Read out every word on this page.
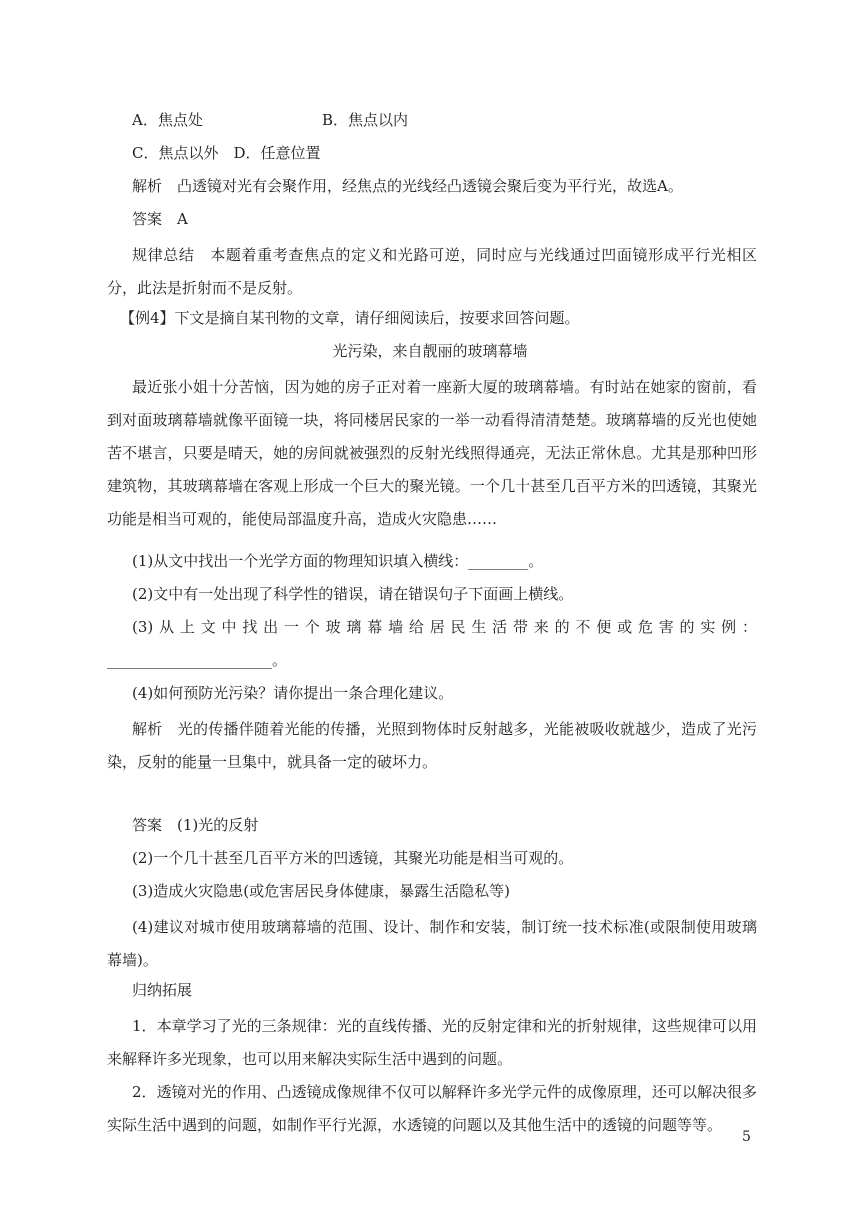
A．焦点处	B．焦点以内
C．焦点以外　D．任意位置
解析　凸透镜对光有会聚作用，经焦点的光线经凸透镜会聚后变为平行光，故选A。
答案　A

规律总结　本题着重考查焦点的定义和光路可逆，同时应与光线通过凹面镜形成平行光相区分，此法是折射而不是反射。

【例4】下文是摘自某刊物的文章，请仔细阅读后，按要求回答问题。
光污染，来自靓丽的玻璃幕墙

最近张小姐十分苦恼，因为她的房子正对着一座新大厦的玻璃幕墙。有时站在她家的窗前，看到对面玻璃幕墙就像平面镜一块，将同楼居民家的一举一动看得清清楚楚。玻璃幕墙的反光也使她苦不堪言，只要是晴天，她的房间就被强烈的反射光线照得通亮，无法正常休息。尤其是那种凹形建筑物，其玻璃幕墙在客观上形成一个巨大的聚光镜。一个几十甚至几百平方米的凹透镜，其聚光功能是相当可观的，能使局部温度升高，造成火灾隐患……

(1)从文中找出一个光学方面的物理知识填入横线：________。
(2)文中有一处出现了科学性的错误，请在错误句子下面画上横线。
(3)从上文中找出一个玻璃幕墙给居民生活带来的不便或危害的实例：
______________________。
(4)如何预防光污染？请你提出一条合理化建议。

解析　光的传播伴随着光能的传播，光照到物体时反射越多，光能被吸收就越少，造成了光污染，反射的能量一旦集中，就具备一定的破坏力。

答案　(1)光的反射
(2)一个几十甚至几百平方米的凹透镜，其聚光功能是相当可观的。
(3)造成火灾隐患(或危害居民身体健康，暴露生活隐私等)

(4)建议对城市使用玻璃幕墙的范围、设计、制作和安装，制订统一技术标准(或限制使用玻璃幕墙)。

归纳拓展

1．本章学习了光的三条规律：光的直线传播、光的反射定律和光的折射规律，这些规律可以用来解释许多光现象，也可以用来解决实际生活中遇到的问题。

2．透镜对光的作用、凸透镜成像规律不仅可以解释许多光学元件的成像原理，还可以解决很多实际生活中遇到的问题，如制作平行光源，水透镜的问题以及其他生活中的透镜的问题等等。

5
